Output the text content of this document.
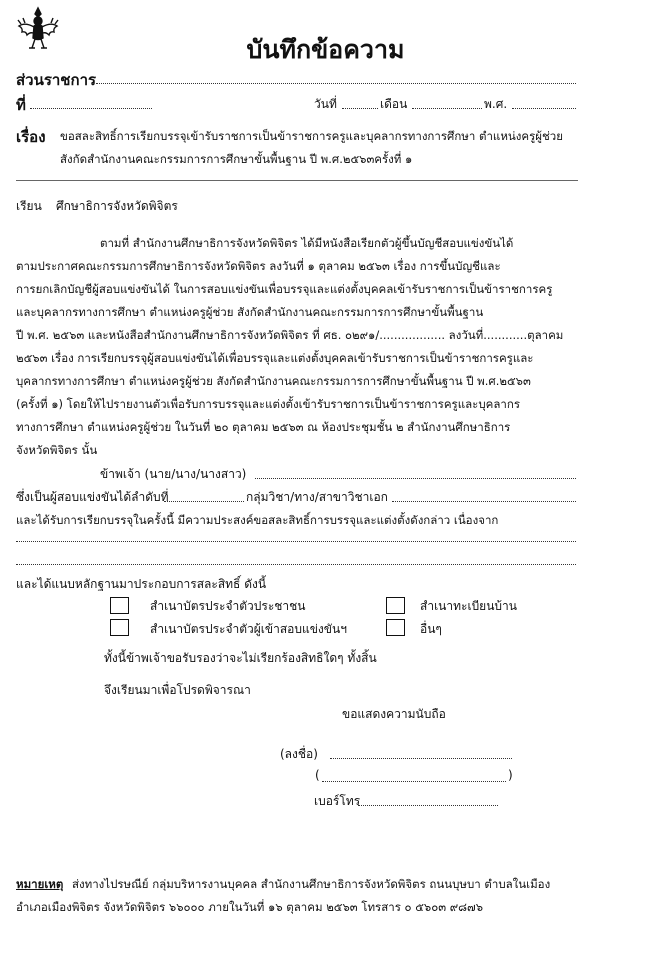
บันทึกข้อความ
ส่วนราชการ
ที่	วันที่	เดือน	พ.ศ.
เรื่อง ขอสละสิทธิ์การเรียกบรรจุเข้ารับราชการเป็นข้าราชการครูและบุคลากรทางการศึกษา ตำแหน่งครูผู้ช่วย
สังกัดสำนักงานคณะกรรมการการศึกษาขั้นพื้นฐาน ปี พ.ศ.๒๕๖๓ครั้งที่ ๑
เรียน ศึกษาธิการจังหวัดพิจิตร
ตามที่ สำนักงานศึกษาธิการจังหวัดพิจิตร ได้มีหนังสือเรียกตัวผู้ขึ้นบัญชีสอบแข่งขันได้
ตามประกาศคณะกรรมการศึกษาธิการจังหวัดพิจิตร ลงวันที่ ๑ ตุลาคม ๒๕๖๓ เรื่อง การขึ้นบัญชีและ
การยกเลิกบัญชีผู้สอบแข่งขันได้ ในการสอบแข่งขันเพื่อบรรจุและแต่งตั้งบุคคลเข้ารับราชการเป็นข้าราชการครู
และบุคลากรทางการศึกษา ตำแหน่งครูผู้ช่วย สังกัดสำนักงานคณะกรรมการการศึกษาขั้นพื้นฐาน
ปี พ.ศ. ๒๕๖๓ และหนังสือสำนักงานศึกษาธิการจังหวัดพิจิตร ที่ ศธ. ๐๒๙๑/.................. ลงวันที่............ตุลาคม
๒๕๖๓ เรื่อง การเรียกบรรจุผู้สอบแข่งขันได้เพื่อบรรจุและแต่งตั้งบุคคลเข้ารับราชการเป็นข้าราชการครูและ
บุคลากรทางการศึกษา ตำแหน่งครูผู้ช่วย สังกัดสำนักงานคณะกรรมการการศึกษาขั้นพื้นฐาน ปี พ.ศ.๒๕๖๓
(ครั้งที่ ๑) โดยให้ไปรายงานตัวเพื่อรับการบรรจุและแต่งตั้งเข้ารับราชการเป็นข้าราชการครูและบุคลากร
ทางการศึกษา ตำแหน่งครูผู้ช่วย ในวันที่ ๒๐ ตุลาคม ๒๕๖๓ ณ ห้องประชุมชั้น ๒ สำนักงานศึกษาธิการ
จังหวัดพิจิตร นั้น
ข้าพเจ้า (นาย/นาง/นางสาว)
ซึ่งเป็นผู้สอบแข่งขันได้ลำดับที่	กลุ่มวิชา/ทาง/สาขาวิชาเอก
และได้รับการเรียกบรรจุในครั้งนี้ มีความประสงค์ขอสละสิทธิ์การบรรจุและแต่งตั้งดังกล่าว เนื่องจาก
และได้แนบหลักฐานมาประกอบการสละสิทธิ์ ดังนี้
สำเนาบัตรประจำตัวประชาชน	สำเนาทะเบียนบ้าน
สำเนาบัตรประจำตัวผู้เข้าสอบแข่งขันฯ	อื่นๆ
ทั้งนี้ข้าพเจ้าขอรับรองว่าจะไม่เรียกร้องสิทธิใดๆ ทั้งสิ้น
จึงเรียนมาเพื่อโปรดพิจารณา
ขอแสดงความนับถือ
(ลงชื่อ)
(	)
เบอร์โทร
หมายเหตุ ส่งทางไปรษณีย์ กลุ่มบริหารงานบุคคล สำนักงานศึกษาธิการจังหวัดพิจิตร ถนนบุษบา ตำบลในเมือง
อำเภอเมืองพิจิตร จังหวัดพิจิตร ๖๖๐๐๐ ภายในวันที่ ๑๖ ตุลาคม ๒๕๖๓ โทรสาร ๐ ๕๖๐๓ ๙๘๗๖
